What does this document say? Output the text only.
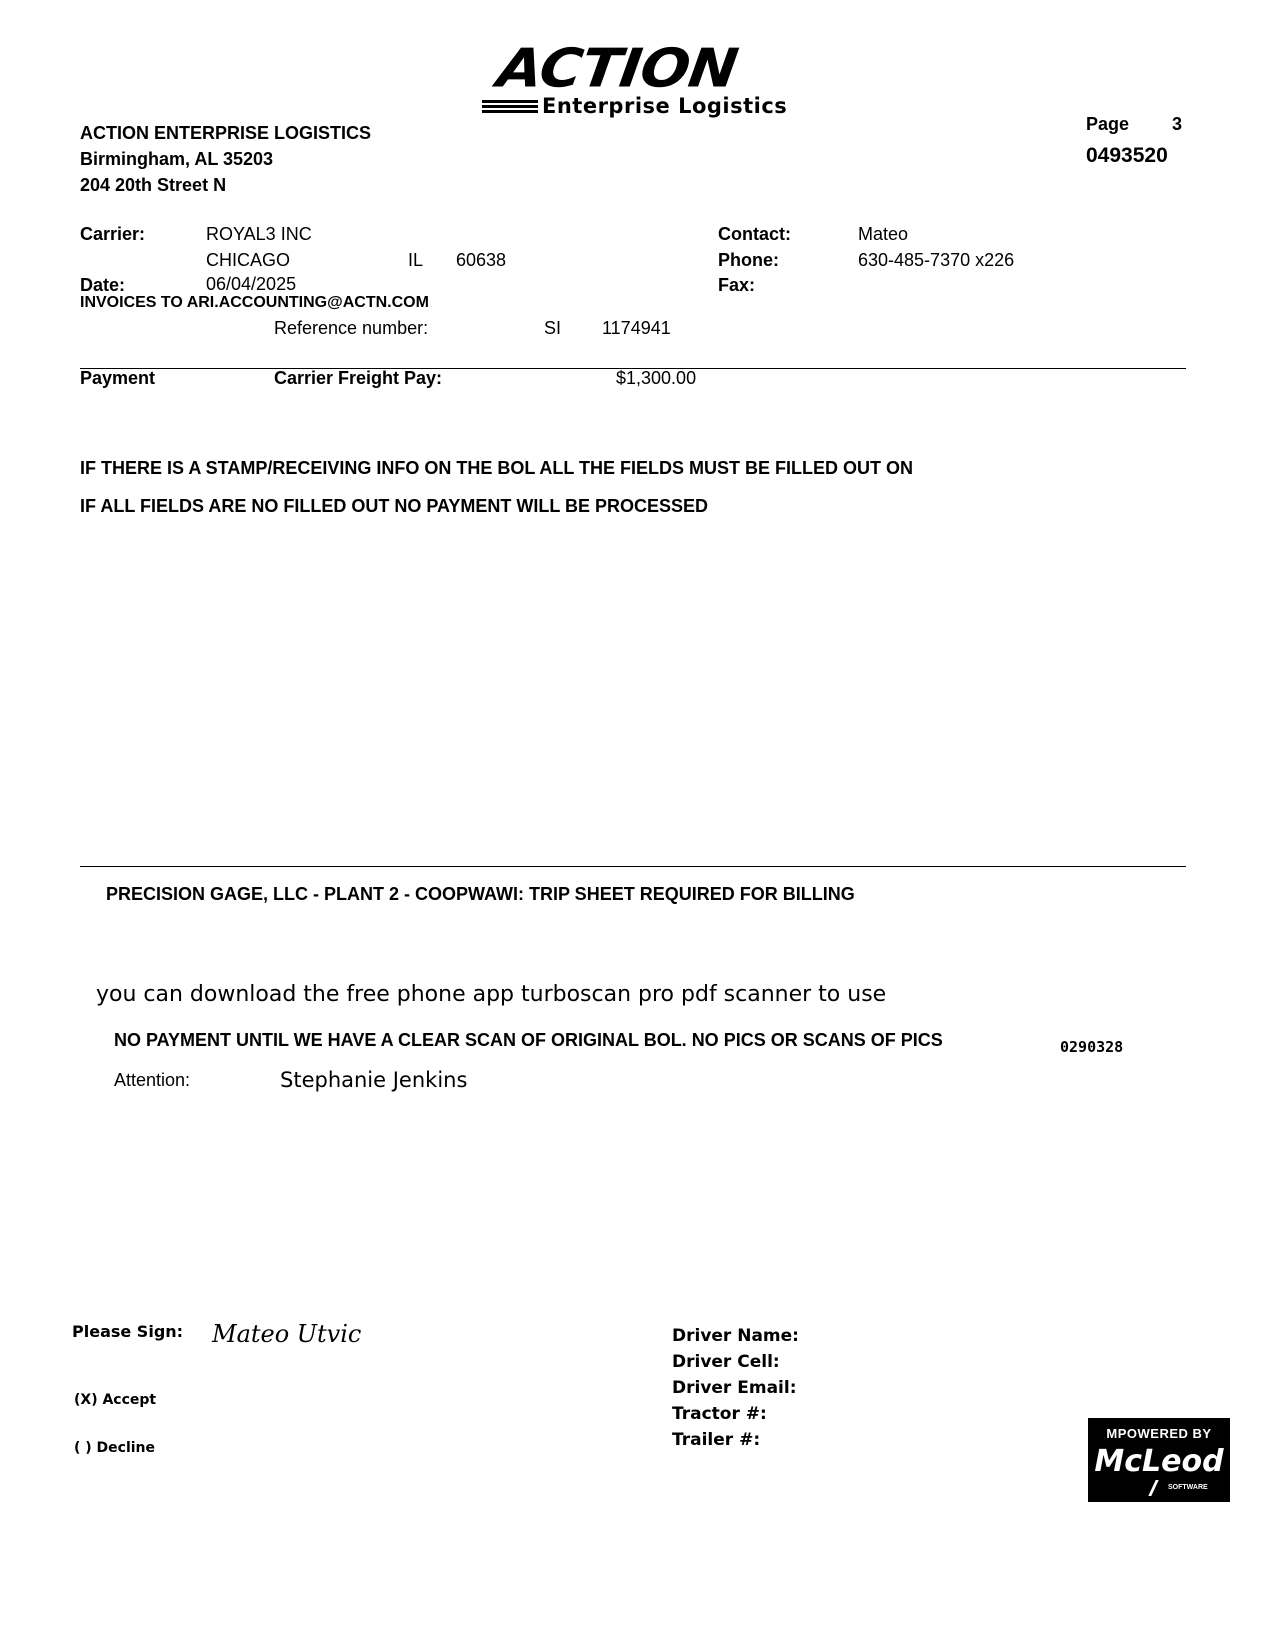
ACTION
Enterprise Logistics
ACTION ENTERPRISE LOGISTICS
Birmingham, AL 35203
204 20th Street N
Page 3
0493520
Carrier:	ROYAL3 INC
CHICAGO	IL 60638
Date:	06/04/2025
INVOICES TO ARI.ACCOUNTING@ACTN.COM
Contact:	Mateo
Phone:	630-485-7370 x226
Fax:
Reference number:	SI 1174941
Payment	Carrier Freight Pay:	$1,300.00
IF THERE IS A STAMP/RECEIVING INFO ON THE BOL ALL THE FIELDS MUST BE FILLED OUT ON
IF ALL FIELDS ARE NO FILLED OUT NO PAYMENT WILL BE PROCESSED
PRECISION GAGE, LLC - PLANT 2 - COOPWAWI: TRIP SHEET REQUIRED FOR BILLING
you can download the free phone app turboscan pro pdf scanner to use
NO PAYMENT UNTIL WE HAVE A CLEAR SCAN OF ORIGINAL BOL. NO PICS OR SCANS OF PICS	0290328
Attention:	Stephanie Jenkins
Please Sign: Mateo Utvic
(X) Accept
( ) Decline
Driver Name:
Driver Cell:
Driver Email:
Tractor #:
Trailer #:	MPOWERED BY
McLeod
SOFTWARE
